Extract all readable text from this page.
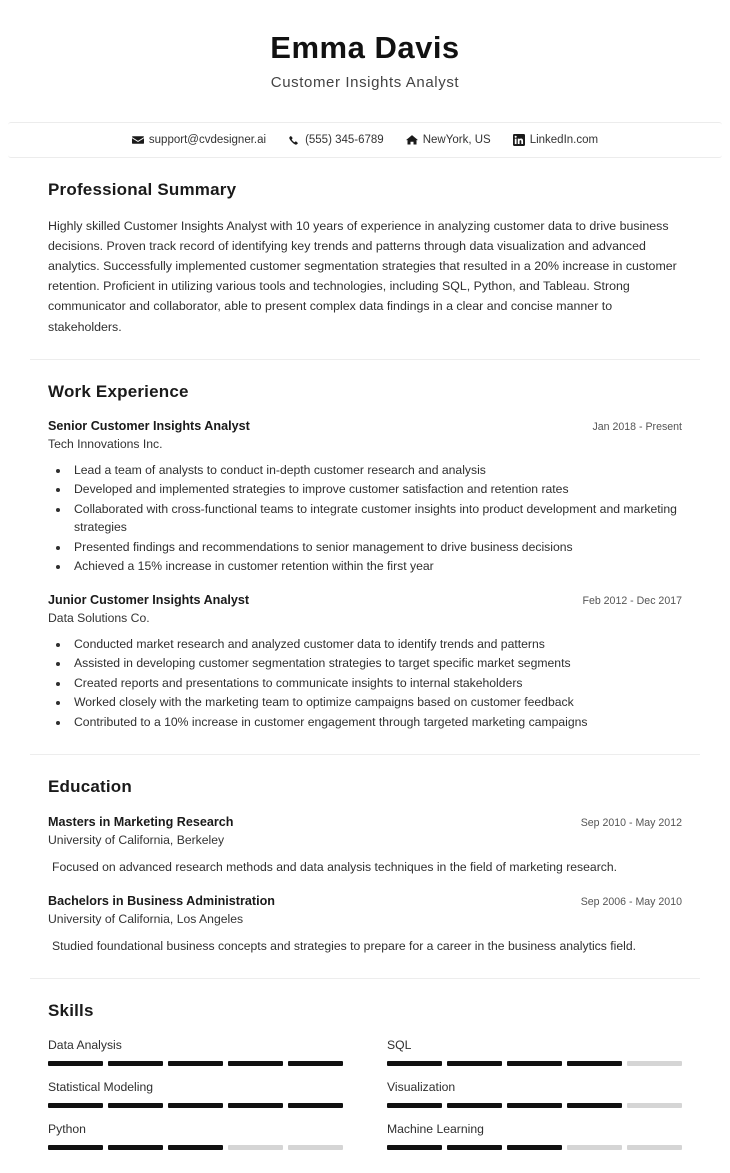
Emma Davis
Customer Insights Analyst
support@cvdesigner.ai	(555) 345-6789	NewYork, US	LinkedIn.com
Professional Summary

Highly skilled Customer Insights Analyst with 10 years of experience in analyzing customer data to drive business decisions. Proven track record of identifying key trends and patterns through data visualization and advanced analytics. Successfully implemented customer segmentation strategies that resulted in a 20% increase in customer retention. Proficient in utilizing various tools and technologies, including SQL, Python, and Tableau. Strong communicator and collaborator, able to present complex data findings in a clear and concise manner to stakeholders.

Work Experience
Senior Customer Insights Analyst	Jan 2018 - Present
Tech Innovations Inc.
• Lead a team of analysts to conduct in-depth customer research and analysis
• Developed and implemented strategies to improve customer satisfaction and retention rates
• Collaborated with cross-functional teams to integrate customer insights into product development and marketing strategies
• Presented findings and recommendations to senior management to drive business decisions
• Achieved a 15% increase in customer retention within the first year
Junior Customer Insights Analyst	Feb 2012 - Dec 2017
Data Solutions Co.
• Conducted market research and analyzed customer data to identify trends and patterns
• Assisted in developing customer segmentation strategies to target specific market segments
• Created reports and presentations to communicate insights to internal stakeholders
• Worked closely with the marketing team to optimize campaigns based on customer feedback
• Contributed to a 10% increase in customer engagement through targeted marketing campaigns
Education
Masters in Marketing Research	Sep 2010 - May 2012
University of California, Berkeley
Focused on advanced research methods and data analysis techniques in the field of marketing research.
Bachelors in Business Administration	Sep 2006 - May 2010
University of California, Los Angeles
Studied foundational business concepts and strategies to prepare for a career in the business analytics field.
Skills
Data Analysis	SQL
Statistical Modeling	Visualization
Python	Machine Learning
